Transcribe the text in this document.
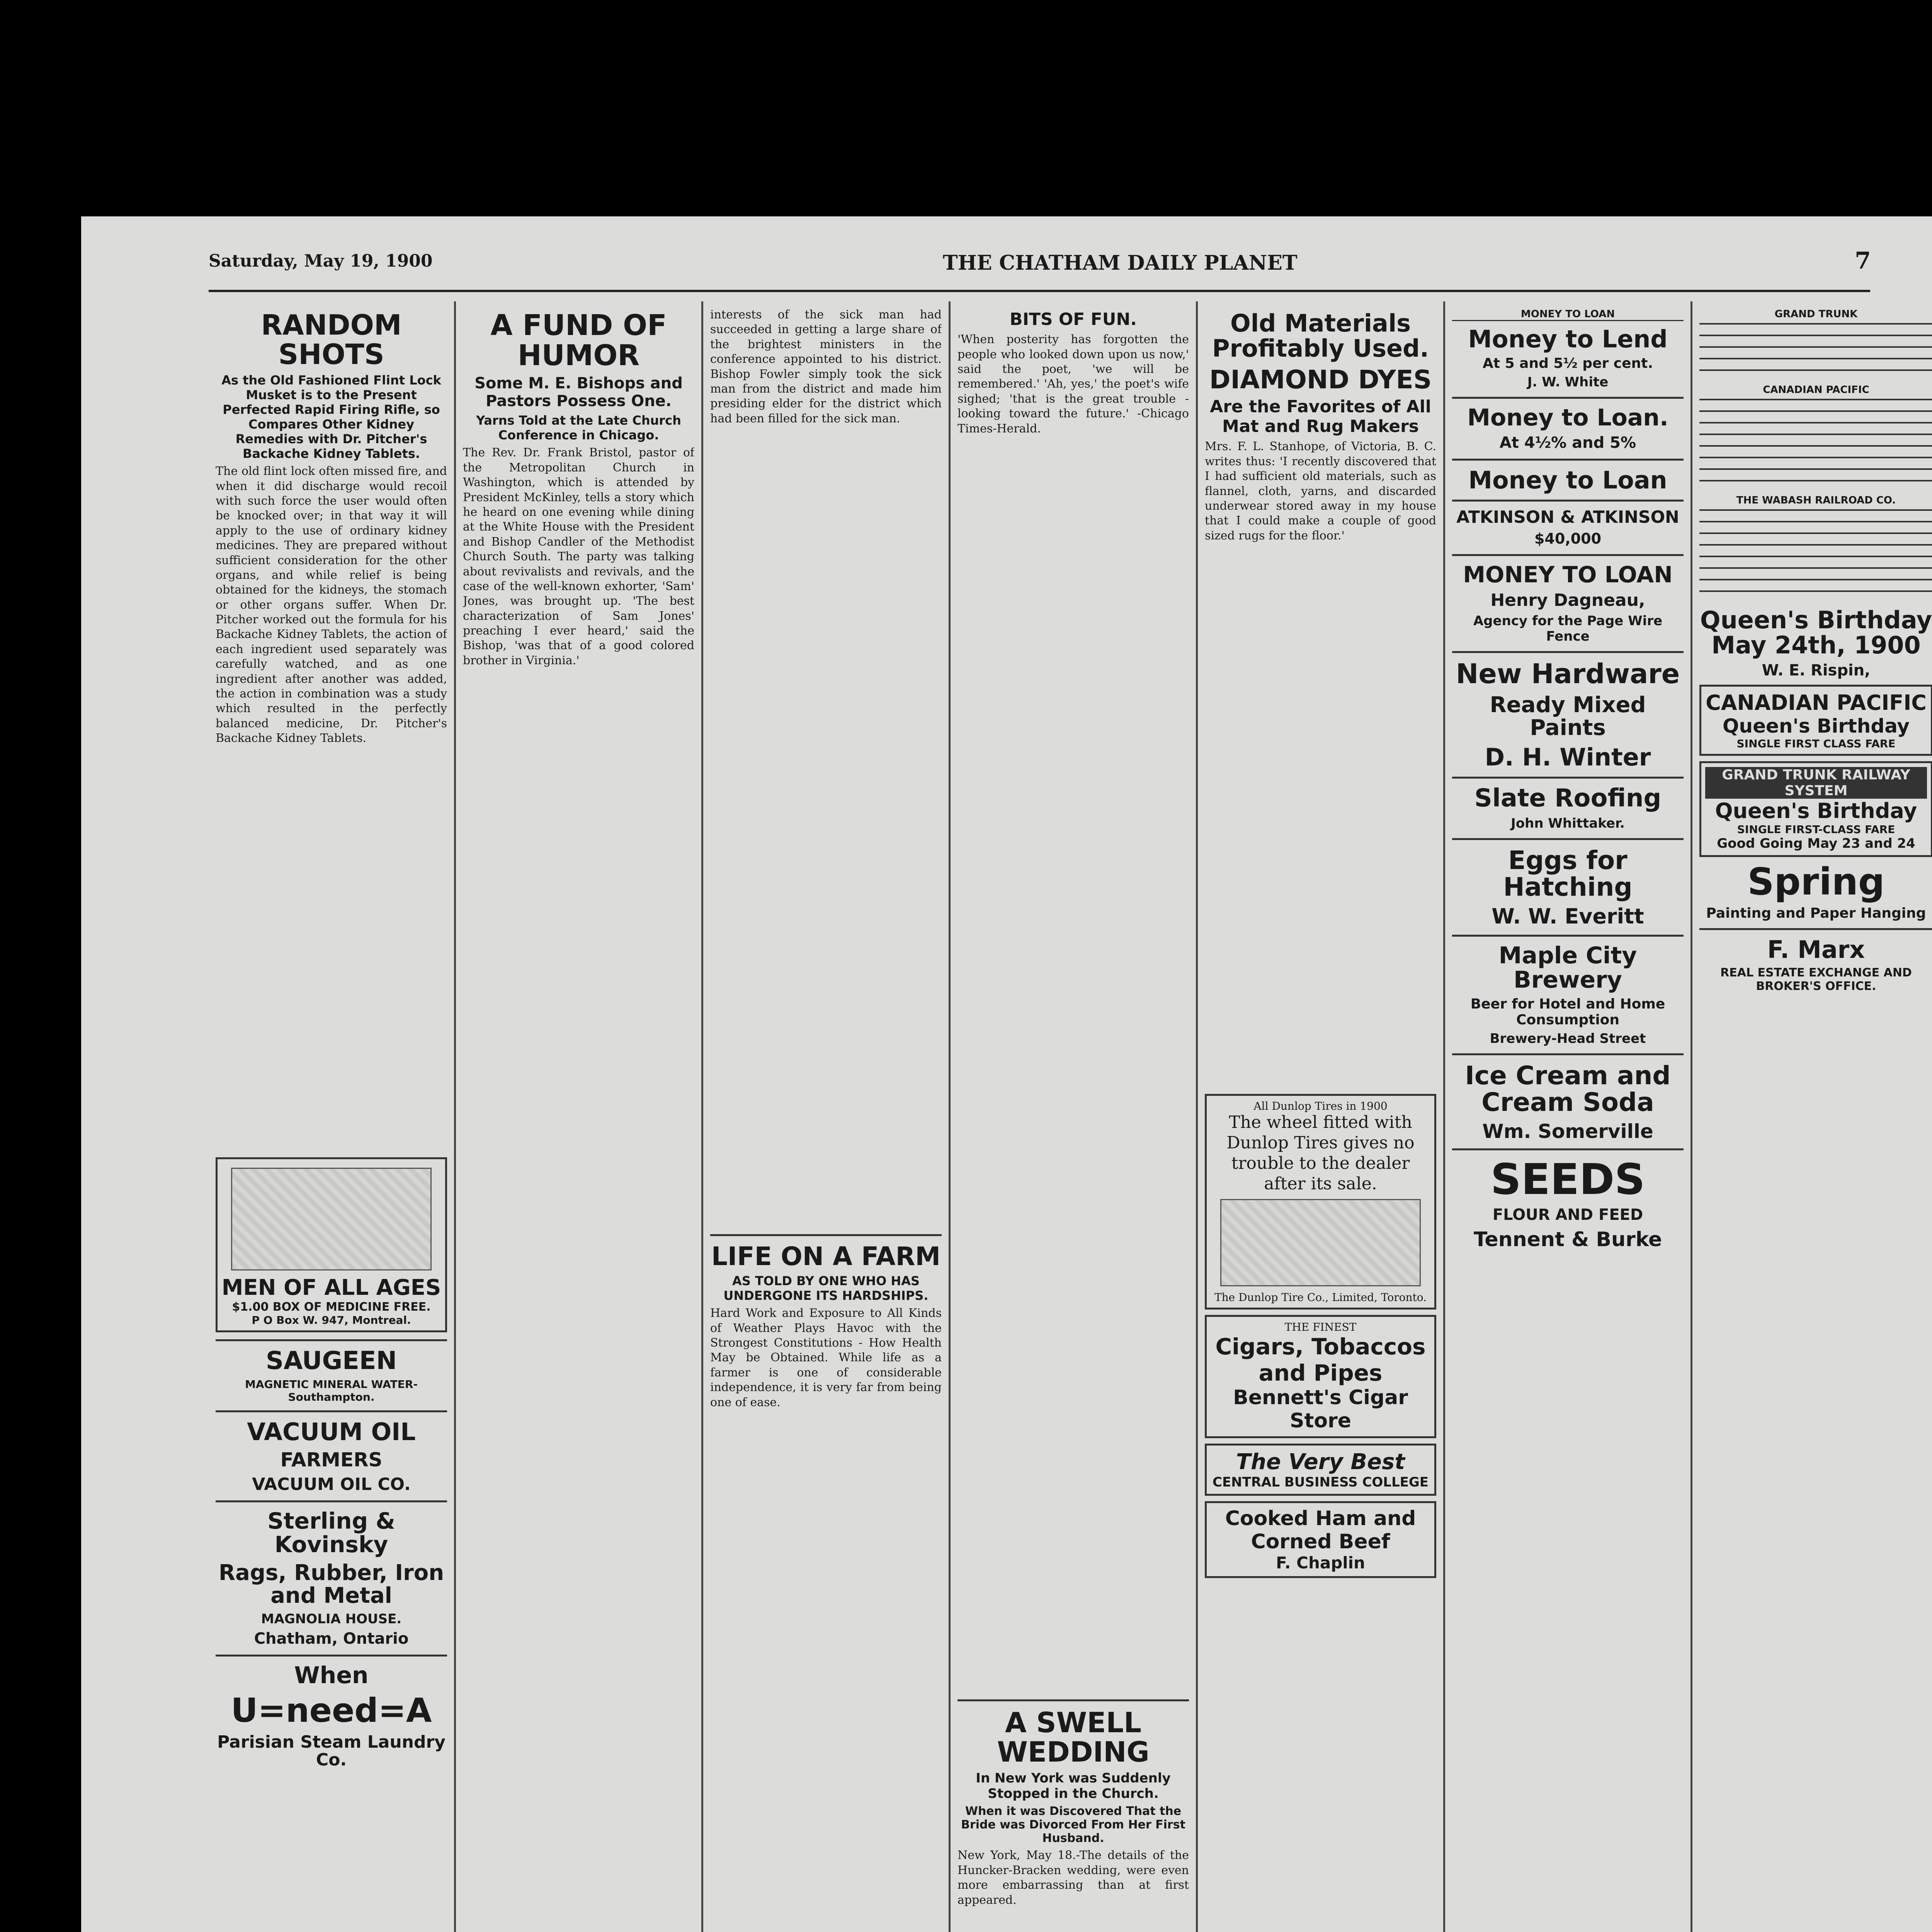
Saturday, May 19, 1900	THE CHATHAM DAILY PLANET	7
RANDOM SHOTS
As the Old Fashioned Flint Lock Musket is to the Present Perfected Rapid Firing Rifle, so Compares Other Kidney Remedies with Dr. Pitcher's Backache Kidney Tablets.
The old flint lock often missed fire, and when it did discharge would recoil with such force the user would often be knocked over; in that way it will apply to the use of ordinary kidney medicines. They are prepared without sufficient consideration for the other organs, and while relief is being obtained for the kidneys, the stomach or other organs suffer. When Dr. Pitcher worked out the formula for his Backache Kidney Tablets, the action of each ingredient used separately was carefully watched, and as one ingredient after another was added, the action in combination was a study which resulted in the perfectly balanced medicine, Dr. Pitcher's Backache Kidney Tablets.
MEN OF ALL AGES
$1.00 BOX OF MEDICINE FREE.
P O Box W. 947, Montreal.
SAUGEEN
MAGNETIC MINERAL WATER-Southampton.
VACUUM OIL
FARMERS
VACUUM OIL CO.
Sterling & Kovinsky
Rags, Rubber, Iron and Metal
MAGNOLIA HOUSE.
Chatham, Ontario
When
U=need=A
Parisian Steam Laundry Co.
A FUND OF HUMOR
Some M. E. Bishops and Pastors Possess One.
Yarns Told at the Late Church Conference in Chicago.
The Rev. Dr. Frank Bristol, pastor of the Metropolitan Church in Washington, which is attended by President McKinley, tells a story which he heard on one evening while dining at the White House with the President and Bishop Candler of the Methodist Church South. The party was talking about revivalists and revivals, and the case of the well-known exhorter, 'Sam' Jones, was brought up. 'The best characterization of Sam Jones' preaching I ever heard,' said the Bishop, 'was that of a good colored brother in Virginia.'
interests of the sick man had succeeded in getting a large share of the brightest ministers in the conference appointed to his district. Bishop Fowler simply took the sick man from the district and made him presiding elder for the district which had been filled for the sick man.
LIFE ON A FARM
AS TOLD BY ONE WHO HAS UNDERGONE ITS HARDSHIPS.
Hard Work and Exposure to All Kinds of Weather Plays Havoc with the Strongest Constitutions - How Health May be Obtained. While life as a farmer is one of considerable independence, it is very far from being one of ease.
BITS OF FUN.
'When posterity has forgotten the people who looked down upon us now,' said the poet, 'we will be remembered.' 'Ah, yes,' the poet's wife sighed; 'that is the great trouble - looking toward the future.' -Chicago Times-Herald.
A SWELL WEDDING
In New York was Suddenly Stopped in the Church.
When it was Discovered That the Bride was Divorced From Her First Husband.
New York, May 18.-The details of the Huncker-Bracken wedding, were even more embarrassing than at first appeared.
Old Materials Profitably Used.
DIAMOND DYES
Are the Favorites of All Mat and Rug Makers
Mrs. F. L. Stanhope, of Victoria, B. C. writes thus: 'I recently discovered that I had sufficient old materials, such as flannel, cloth, yarns, and discarded underwear stored away in my house that I could make a couple of good sized rugs for the floor.'
All Dunlop Tires in 1900
The wheel fitted with Dunlop Tires gives no trouble to the dealer after its sale.
The Dunlop Tire Co., Limited, Toronto.
THE FINEST
Cigars, Tobaccos and Pipes
Bennett's Cigar Store
The Very Best
CENTRAL BUSINESS COLLEGE
Cooked Ham and Corned Beef
F. Chaplin
MONEY TO LOAN
Money to Lend
At 5 and 5½ per cent.
J. W. White
Money to Loan.
At 4½% and 5%
Money to Loan
ATKINSON & ATKINSON
$40,000
MONEY TO LOAN
Henry Dagneau,
Agency for the Page Wire Fence
New Hardware
Ready Mixed Paints
D. H. Winter
Slate Roofing
John Whittaker.
Eggs for Hatching
W. W. Everitt
Maple City Brewery
Beer for Hotel and Home Consumption
Brewery-Head Street
Ice Cream and Cream Soda
Wm. Somerville
SEEDS
FLOUR AND FEED
Tennent & Burke
GRAND TRUNK
CANADIAN PACIFIC
THE WABASH RAILROAD CO.
Queen's Birthday May 24th, 1900
W. E. Rispin,
CANADIAN PACIFIC
Queen's Birthday
SINGLE FIRST CLASS FARE
GRAND TRUNK RAILWAY SYSTEM
Queen's Birthday
SINGLE FIRST-CLASS FARE
Good Going May 23 and 24
Spring
Painting and Paper Hanging
F. Marx
REAL ESTATE EXCHANGE AND BROKER'S OFFICE.
